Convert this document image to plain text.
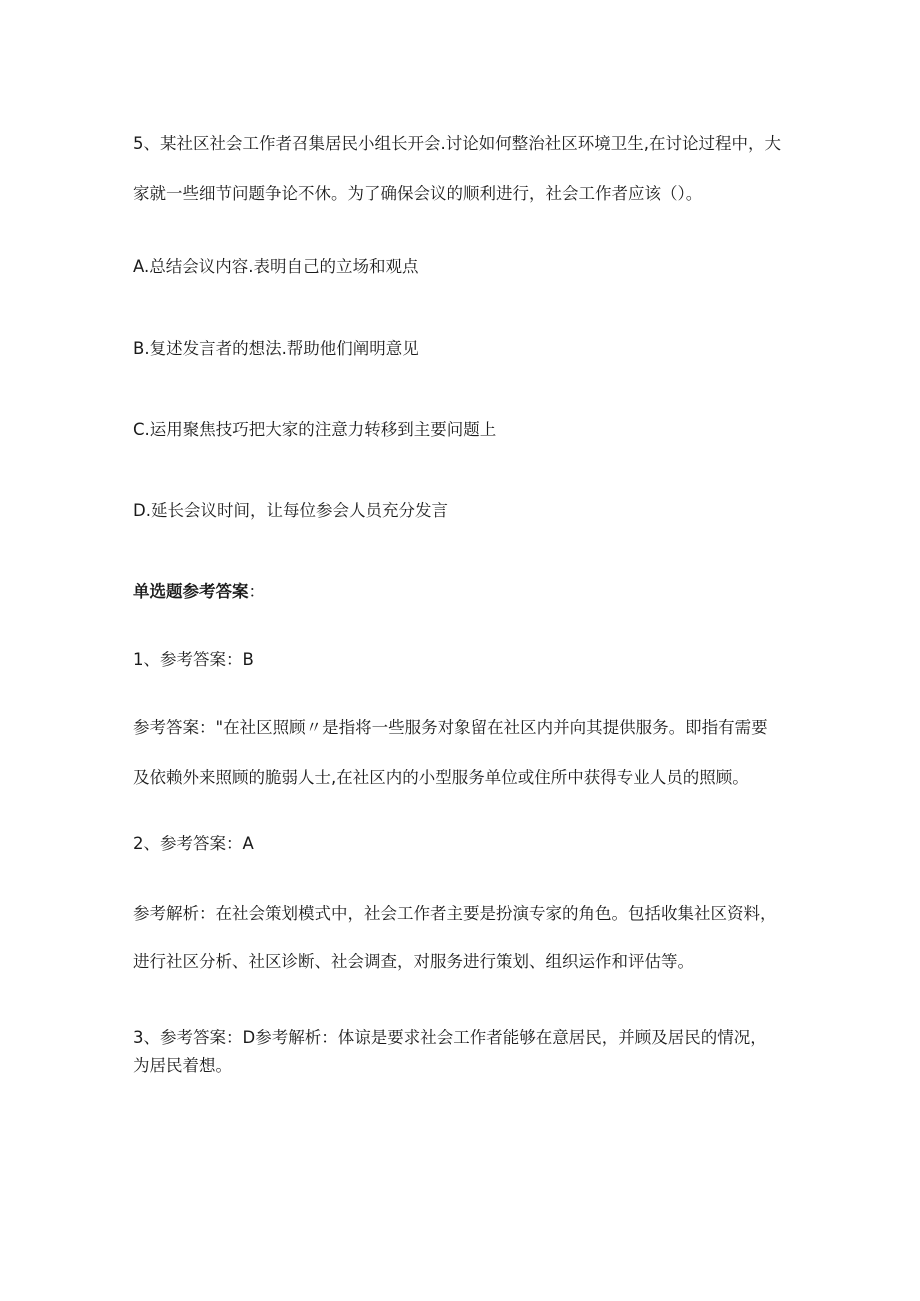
5、某社区社会工作者召集居民小组长开会.讨论如何整治社区环境卫生,在讨论过程中，大
家就一些细节问题争论不休。为了确保会议的顺利进行，社会工作者应该（）。
A.总结会议内容.表明自己的立场和观点
B.复述发言者的想法.帮助他们阐明意见
C.运用聚焦技巧把大家的注意力转移到主要问题上
D.延长会议时间，让每位参会人员充分发言
单选题参考答案：
1、参考答案：B
参考答案："在社区照顾〃是指将一些服务对象留在社区内并向其提供服务。即指有需要
及依赖外来照顾的脆弱人士,在社区内的小型服务单位或住所中获得专业人员的照顾。
2、参考答案：A
参考解析：在社会策划模式中，社会工作者主要是扮演专家的角色。包括收集社区资料，
进行社区分析、社区诊断、社会调查，对服务进行策划、组织运作和评估等。
3、参考答案：D参考解析：体谅是要求社会工作者能够在意居民，并顾及居民的情况，
为居民着想。
